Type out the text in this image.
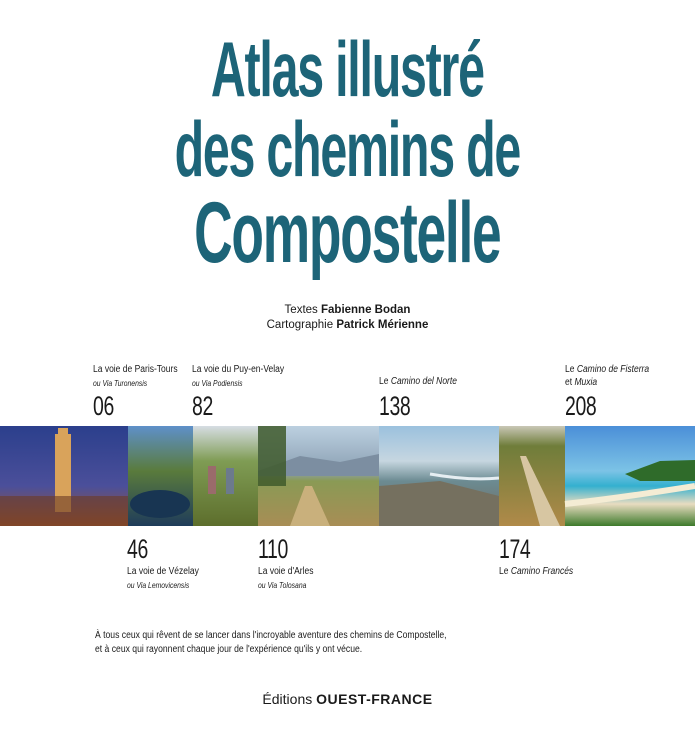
Atlas illustré
des chemins de
Compostelle
Textes Fabienne Bodan
Cartographie Patrick Mérienne
La voie de Paris-Tours
ou Via Turonensis
06
La voie du Puy-en-Velay
ou Via Podiensis
82
Le Camino del Norte
138
Le Camino de Fisterra
et Muxia
208
46
La voie de Vézelay
ou Via Lemovicensis
110
La voie d'Arles
ou Via Tolosana
174
Le Camino Francés
À tous ceux qui rêvent de se lancer dans l'incroyable aventure des chemins de Compostelle,
et à ceux qui rayonnent chaque jour de l'expérience qu'ils y ont vécue.
Éditions OUEST-FRANCE
